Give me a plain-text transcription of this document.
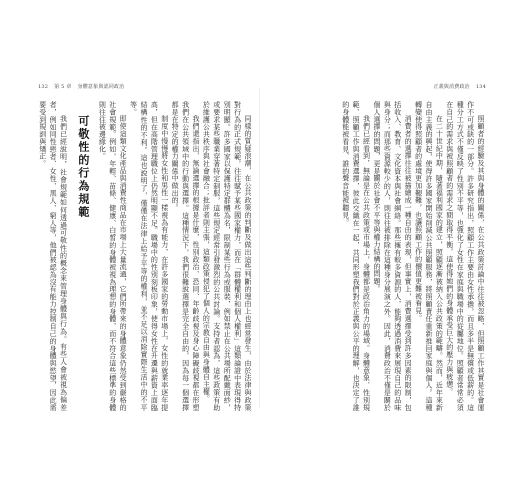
132 第 5 章 身體意象與認同政治

同樣的質疑浪潮，在公共政策的判斷及做出這些判斷的理由上也經常發生，由於法律與政策對行為的正式規範，往往賦予某些國家權力，而在「群體權利和個人權利」這類論證中表現得特別明顯。許多國家以保護特定群體為名，限制某些行為或服裝，例如禁止在公共場所配戴面紗，或要求某些職業穿著特定制服，這些規定經常引發激烈的公共討論。支持者認為，這些政策有助於維護公共秩序與社會融合；批評者則主張，這類政策侵犯了個人的宗教自由與身體自主權。

我們還指出，無論選擇的根據是什麼，性別政治、恐同、年齡歧視及身心障礙歧視都在形塑我們在公共領域中的行動與選擇。這種情況下，我們很難說選擇是完全自由的，因為每一個選擇都是在特定的權力關係中做出的。

制度中慢慢將女性和男性一樣視為有能力，在許多國家的勞動市場上，女性的就業率逐年提高，但在高階管理職位上仍然明顯不足。職場中的性別刻板印象，使得女性在升遷與薪資上面臨結構性的不利。這也說明了，僅僅在法律上給予平等的權利，並不足以消除實際生活中的不平等。

即使這類文化產品與消費性商品在市場上大量流通，它們所帶來的身體意象仍然受到嚴格的社會規範。例如，年輕、苗條、健康、白皙的身體被視為理想的身體，而不符合這些標準的身體則往往被邊緣化。

可敬性的行為規範

我們已經說明，社會規範如何透過可敬性的概念來管理身體與行為。有些人會被視為偏差者，例如同性戀者、女性、黑人、窮人等，他們被認為沒有能力控制自己的身體與慾望，因此需要受到規訓與矯正。

正義與消費政治 134

照顧者的經驗及其與身體的關係，在公共政策討論中往往被忽略，但照顧工作其實是社會運作不可或缺的一部分。許多研究指出，照顧工作主要由女性承擔，而且多半是無償或低薪的。這種分工方式不僅反映了性別不平等，也強化了女性在家庭與職場中的從屬地位。照顧者常常必須在自己的需求與被照顧者的需求之間取得平衡，這使得她們的身體承受巨大的壓力與疲憊。

在二十世紀中期，隨著福利國家的建立，照顧逐漸被納入公共政策的範疇。然而，近年來新自由主義的興起，使得許多國家開始削減公共照顧服務，將照顧責任重新推回家庭與個人。這種轉變使得照顧者的處境更加艱難，也讓照顧工作的價值更難被看見。

消費者的選擇往往被描繪成一種自由的表現，但事實上，消費選擇受到許多因素的限制，包括收入、教育、文化資本與社會網絡。那些擁有較多資源的人，能夠透過消費來展現自己的品味與身分；而那些資源較少的人，則往往被排除在這種身分展演之外。因此，消費政治不僅是關於個人選擇的問題，更是關於社會不平等與權力結構的問題。

我們已經看到，無論是在公共政策或市場上，身體都是政治角力的場域。身體意象、性別規範、照顧工作與消費選擇，彼此交織在一起，共同形塑我們對於正義與公平的理解，也決定了誰的身體能被看見、誰的聲音能被聽見。
